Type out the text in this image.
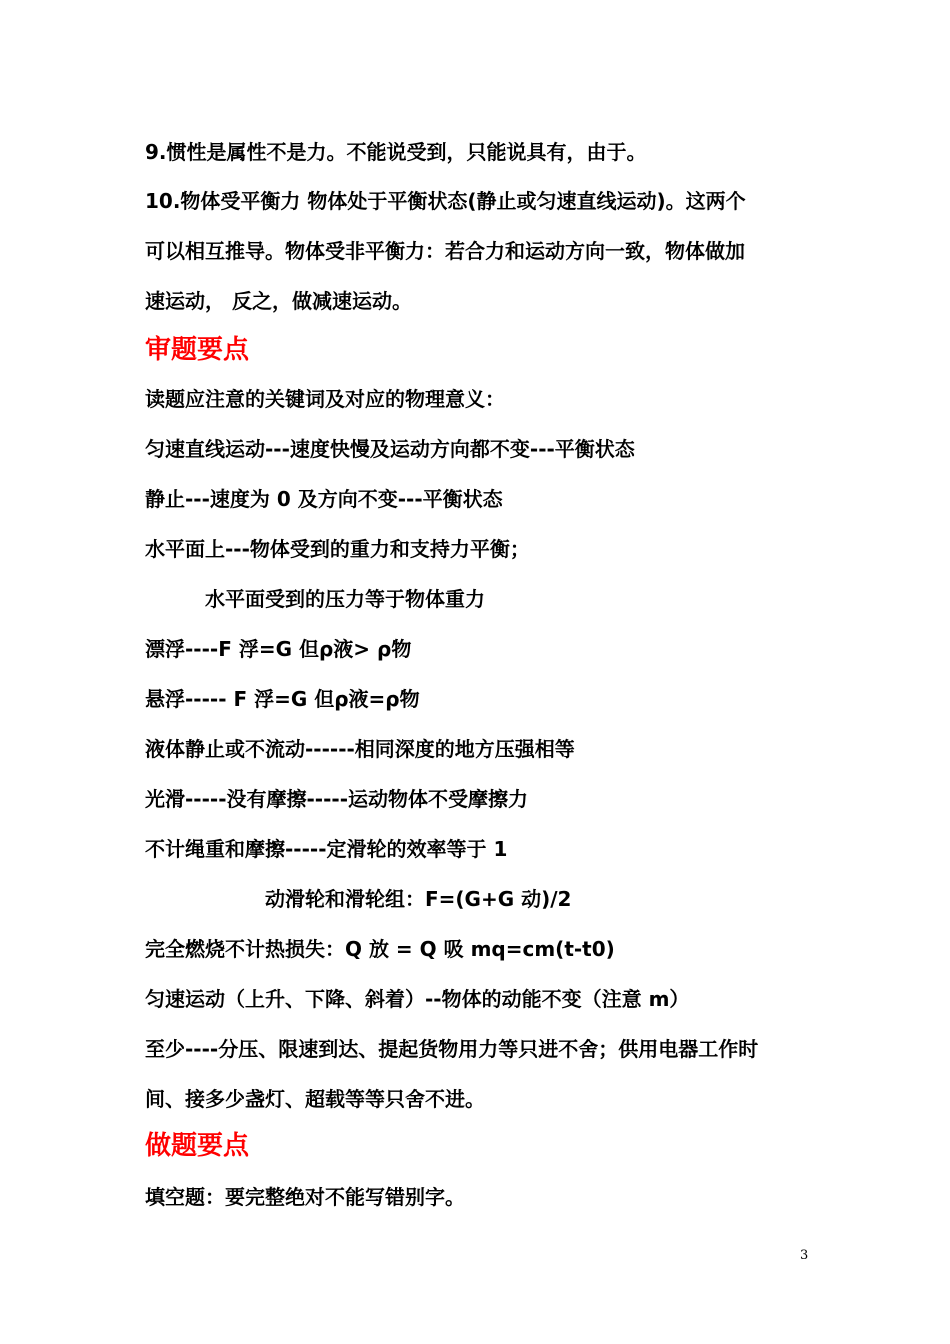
9.惯性是属性不是力。不能说受到，只能说具有，由于。
10.物体受平衡力 物体处于平衡状态(静止或匀速直线运动)。这两个
可以相互推导。物体受非平衡力：若合力和运动方向一致，物体做加
速运动， 反之，做减速运动。
审题要点
读题应注意的关键词及对应的物理意义：
匀速直线运动---速度快慢及运动方向都不变---平衡状态
静止---速度为 0 及方向不变---平衡状态
水平面上---物体受到的重力和支持力平衡；
水平面受到的压力等于物体重力
漂浮----F 浮=G 但ρ液> ρ物
悬浮----- F 浮=G 但ρ液=ρ物
液体静止或不流动------相同深度的地方压强相等
光滑-----没有摩擦-----运动物体不受摩擦力
不计绳重和摩擦-----定滑轮的效率等于 1
动滑轮和滑轮组：F=(G+G 动)/2
完全燃烧不计热损失：Q 放 = Q 吸 mq=cm(t-t0)
匀速运动（上升、下降、斜着）--物体的动能不变（注意 m）
至少----分压、限速到达、提起货物用力等只进不舍；供用电器工作时
间、接多少盏灯、超载等等只舍不进。
做题要点
填空题：要完整绝对不能写错别字。
3
